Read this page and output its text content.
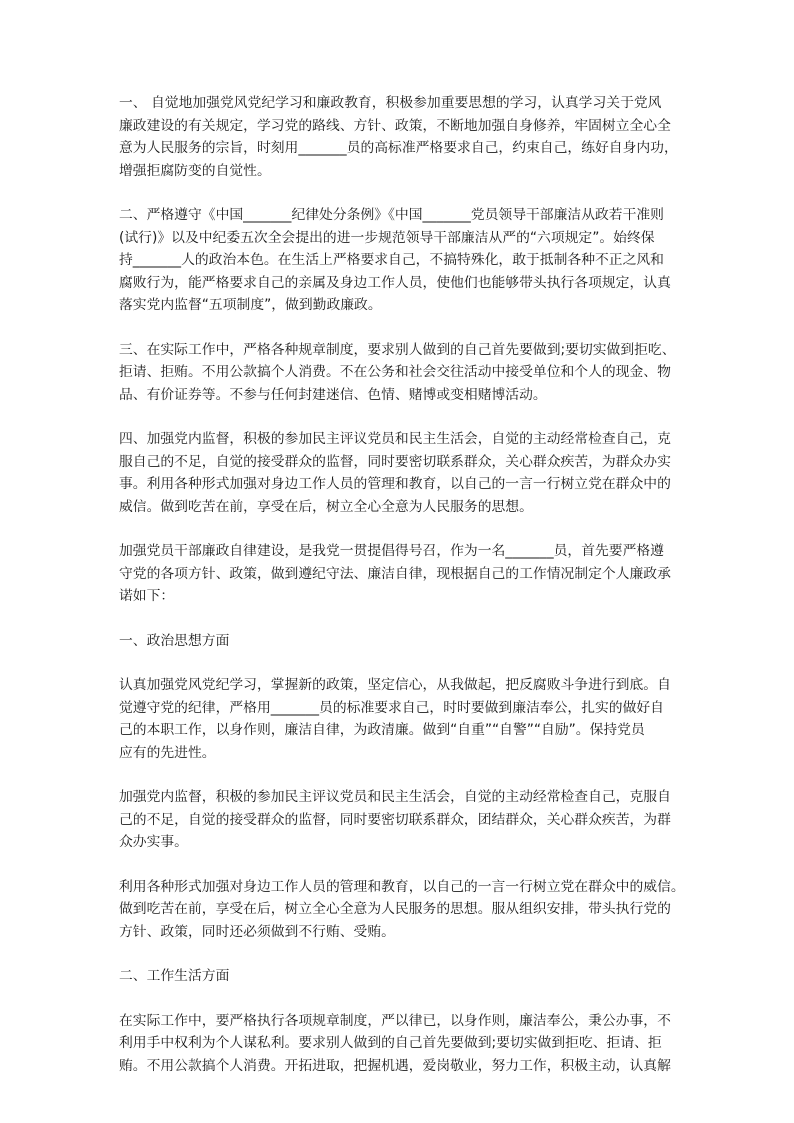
一、 自觉地加强党风党纪学习和廉政教育，积极参加重要思想的学习，认真学习关于党风
廉政建设的有关规定，学习党的路线、方针、政策，不断地加强自身修养，牢固树立全心全
意为人民服务的宗旨，时刻用_______员的高标准严格要求自己，约束自己，练好自身内功，
增强拒腐防变的自觉性。

二、严格遵守《中国_______纪律处分条例》《中国_______党员领导干部廉洁从政若干准则
(试行)》以及中纪委五次全会提出的进一步规范领导干部廉洁从严的“六项规定”。始终保
持_______人的政治本色。在生活上严格要求自己，不搞特殊化，敢于抵制各种不正之风和
腐败行为，能严格要求自己的亲属及身边工作人员，使他们也能够带头执行各项规定，认真
落实党内监督“五项制度”，做到勤政廉政。

三、在实际工作中，严格各种规章制度，要求别人做到的自己首先要做到;要切实做到拒吃、
拒请、拒贿。不用公款搞个人消费。不在公务和社会交往活动中接受单位和个人的现金、物
品、有价证券等。不参与任何封建迷信、色情、赌博或变相赌博活动。

四、加强党内监督，积极的参加民主评议党员和民主生活会，自觉的主动经常检查自己，克
服自己的不足，自觉的接受群众的监督，同时要密切联系群众，关心群众疾苦，为群众办实
事。利用各种形式加强对身边工作人员的管理和教育，以自己的一言一行树立党在群众中的
威信。做到吃苦在前，享受在后，树立全心全意为人民服务的思想。

加强党员干部廉政自律建设，是我党一贯提倡得号召，作为一名_______员，首先要严格遵
守党的各项方针、政策，做到遵纪守法、廉洁自律，现根据自己的工作情况制定个人廉政承
诺如下：

一、政治思想方面

认真加强党风党纪学习，掌握新的政策，坚定信心，从我做起，把反腐败斗争进行到底。自
觉遵守党的纪律，严格用_______员的标准要求自己，时时要做到廉洁奉公，扎实的做好自
己的本职工作，以身作则，廉洁自律，为政清廉。做到“自重”“自警”“自励”。保持党员
应有的先进性。

加强党内监督，积极的参加民主评议党员和民主生活会，自觉的主动经常检查自己，克服自
己的不足，自觉的接受群众的监督，同时要密切联系群众，团结群众，关心群众疾苦，为群
众办实事。

利用各种形式加强对身边工作人员的管理和教育，以自己的一言一行树立党在群众中的威信。
做到吃苦在前，享受在后，树立全心全意为人民服务的思想。服从组织安排，带头执行党的
方针、政策，同时还必须做到不行贿、受贿。

二、工作生活方面

在实际工作中，要严格执行各项规章制度，严以律已，以身作则，廉洁奉公，秉公办事，不
利用手中权利为个人谋私利。要求别人做到的自己首先要做到;要切实做到拒吃、拒请、拒
贿。不用公款搞个人消费。开拓进取，把握机遇，爱岗敬业，努力工作，积极主动，认真解
